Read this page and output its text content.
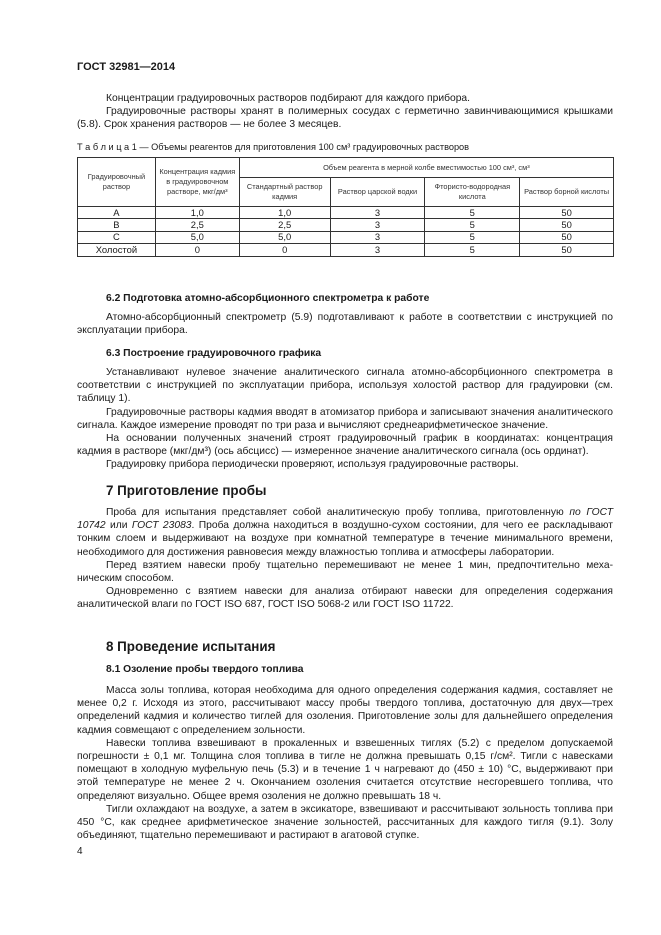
ГОСТ 32981—2014

Концентрации градуировочных растворов подбирают для каждого прибора.

Градуировочные растворы хранят в полимерных сосудах с герметично завинчивающимися крышками (5.8). Срок хранения растворов — не более 3 месяцев.

Т а б л и ц а 1 — Объемы реагентов для приготовления 100 см³ градуировочных растворов
Градуировочный раствор	Концентрация кадмия в градуировочном растворе, мкг/дм³	Объем реагента в мерной колбе вместимостью 100 см³, см³			
		Стандартный раствор кадмия	Раствор царской водки	Фтористо-водородная кислота	Раствор борной кислоты
А	1,0	1,0	3	5	50
В	2,5	2,5	3	5	50
С	5,0	5,0	3	5	50
Холостой	0	0	3	5	50
6.2 Подготовка атомно-абсорбционного спектрометра к работе

Атомно-абсорбционный спектрометр (5.9) подготавливают к работе в соответствии с инструкцией по эксплуатации прибора.

6.3 Построение градуировочного графика

Устанавливают нулевое значение аналитического сигнала атомно-абсорбционного спектрометра в соответствии с инструкцией по эксплуатации прибора, используя холостой раствор для градуировки (см. таблицу 1).

Градуировочные растворы кадмия вводят в атомизатор прибора и записывают значения аналитического сигнала. Каждое измерение проводят по три раза и вычисляют среднеарифметическое значение.

На основании полученных значений строят градуировочный график в координатах: концентрация кадмия в растворе (мкг/дм³) (ось абсцисс) — измеренное значение аналитического сигнала (ось ординат).

Градуировку прибора периодически проверяют, используя градуировочные растворы.

7 Приготовление пробы

Проба для испытания представляет собой аналитическую пробу топлива, приготовленную по ГОСТ 10742 или ГОСТ 23083. Проба должна находиться в воздушно-сухом состоянии, для чего ее раскладывают тонким слоем и выдерживают на воздухе при комнатной температуре в течение минимального времени, необходимого для достижения равновесия между влажностью топлива и атмосферы лаборатории.

Перед взятием навески пробу тщательно перемешивают не менее 1 мин, предпочтительно механическим способом.

Одновременно с взятием навески для анализа отбирают навески для определения содержания аналитической влаги по ГОСТ ISO 687, ГОСТ ISO 5068-2 или ГОСТ ISO 11722.

8 Проведение испытания
8.1 Озоление пробы твердого топлива

Масса золы топлива, которая необходима для одного определения содержания кадмия, составляет не менее 0,2 г. Исходя из этого, рассчитывают массу пробы твердого топлива, достаточную для двух—трех определений кадмия и количество тиглей для озоления. Приготовление золы для дальнейшего определения кадмия совмещают с определением зольности.

Навески топлива взвешивают в прокаленных и взвешенных тиглях (5.2) с пределом допускаемой погрешности ± 0,1 мг. Толщина слоя топлива в тигле не должна превышать 0,15 г/см². Тигли с навесками помещают в холодную муфельную печь (5.3) и в течение 1 ч нагревают до (450 ± 10) °С, выдерживают при этой температуре не менее 2 ч. Окончанием озоления считается отсутствие несгоревшего топлива, что определяют визуально. Общее время озоления не должно превышать 18 ч.

Тигли охлаждают на воздухе, а затем в эксикаторе, взвешивают и рассчитывают зольность топлива при 450 °С, как среднее арифметическое значение зольностей, рассчитанных для каждого тигля (9.1). Золу объединяют, тщательно перемешивают и растирают в агатовой ступке.

4
